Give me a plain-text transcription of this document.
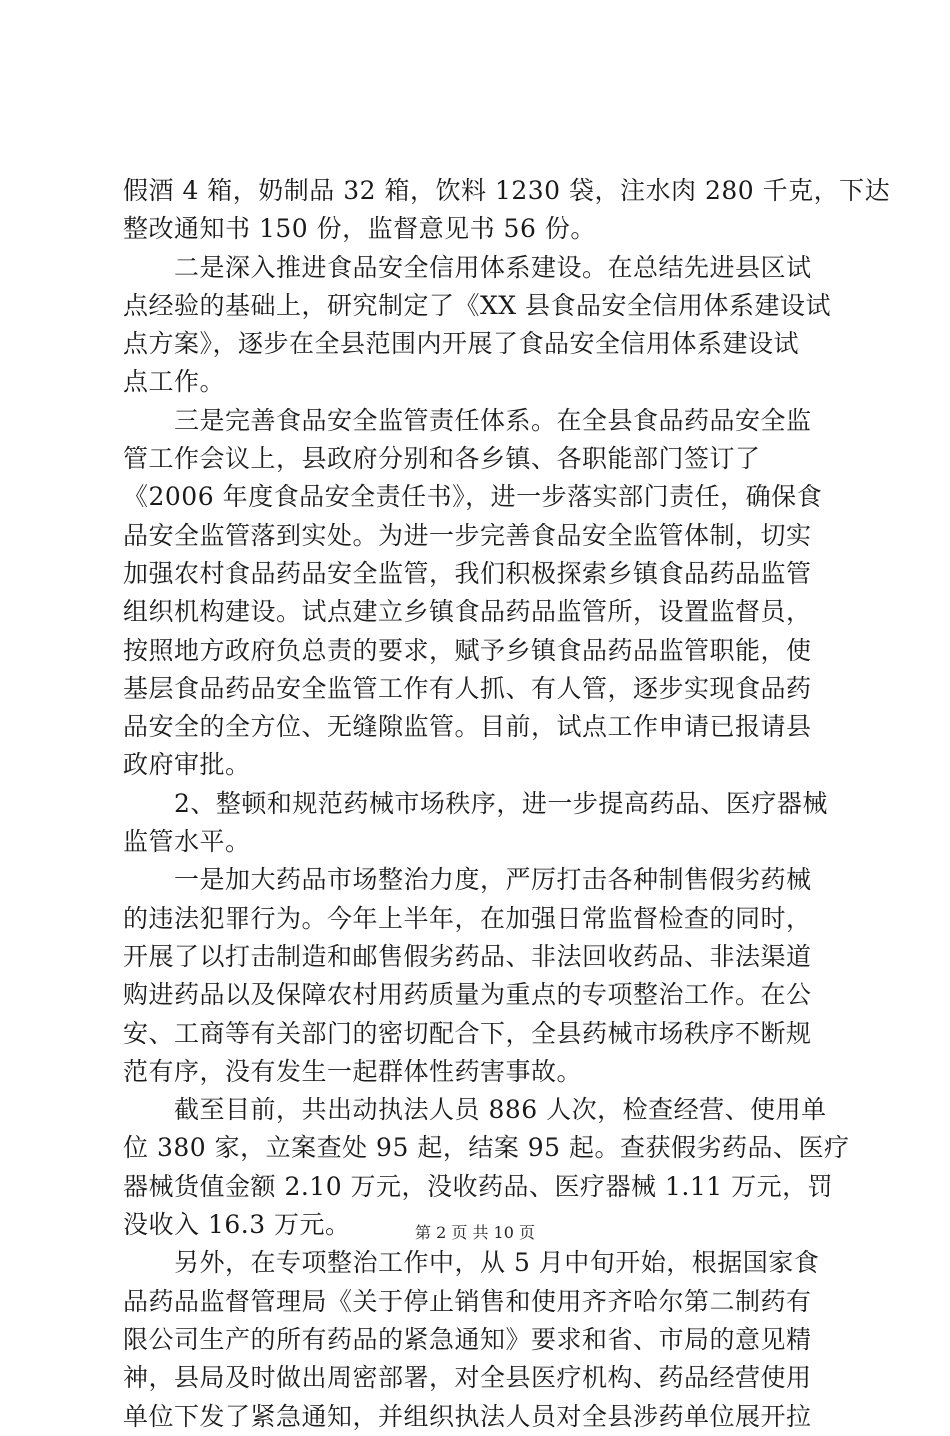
假酒 4 箱，奶制品 32 箱，饮料 1230 袋，注水肉 280 千克，下达
整改通知书 150 份，监督意见书 56 份。
　　二是深入推进食品安全信用体系建设。在总结先进县区试
点经验的基础上，研究制定了《XX 县食品安全信用体系建设试
点方案》，逐步在全县范围内开展了食品安全信用体系建设试
点工作。
　　三是完善食品安全监管责任体系。在全县食品药品安全监
管工作会议上，县政府分别和各乡镇、各职能部门签订了
《2006 年度食品安全责任书》，进一步落实部门责任，确保食
品安全监管落到实处。为进一步完善食品安全监管体制，切实
加强农村食品药品安全监管，我们积极探索乡镇食品药品监管
组织机构建设。试点建立乡镇食品药品监管所，设置监督员，
按照地方政府负总责的要求，赋予乡镇食品药品监管职能，使
基层食品药品安全监管工作有人抓、有人管，逐步实现食品药
品安全的全方位、无缝隙监管。目前，试点工作申请已报请县
政府审批。
　　2、整顿和规范药械市场秩序，进一步提高药品、医疗器械
监管水平。
　　一是加大药品市场整治力度，严厉打击各种制售假劣药械
的违法犯罪行为。今年上半年，在加强日常监督检查的同时，
开展了以打击制造和邮售假劣药品、非法回收药品、非法渠道
购进药品以及保障农村用药质量为重点的专项整治工作。在公
安、工商等有关部门的密切配合下，全县药械市场秩序不断规
范有序，没有发生一起群体性药害事故。
　　截至目前，共出动执法人员 886 人次，检查经营、使用单
位 380 家，立案查处 95 起，结案 95 起。查获假劣药品、医疗
器械货值金额 2.10 万元，没收药品、医疗器械 1.11 万元，罚
没收入 16.3 万元。
　　另外，在专项整治工作中，从 5 月中旬开始，根据国家食
品药品监督管理局《关于停止销售和使用齐齐哈尔第二制药有
限公司生产的所有药品的紧急通知》要求和省、市局的意见精
神，县局及时做出周密部署，对全县医疗机构、药品经营使用
单位下发了紧急通知，并组织执法人员对全县涉药单位展开拉
第 2 页 共 10 页
